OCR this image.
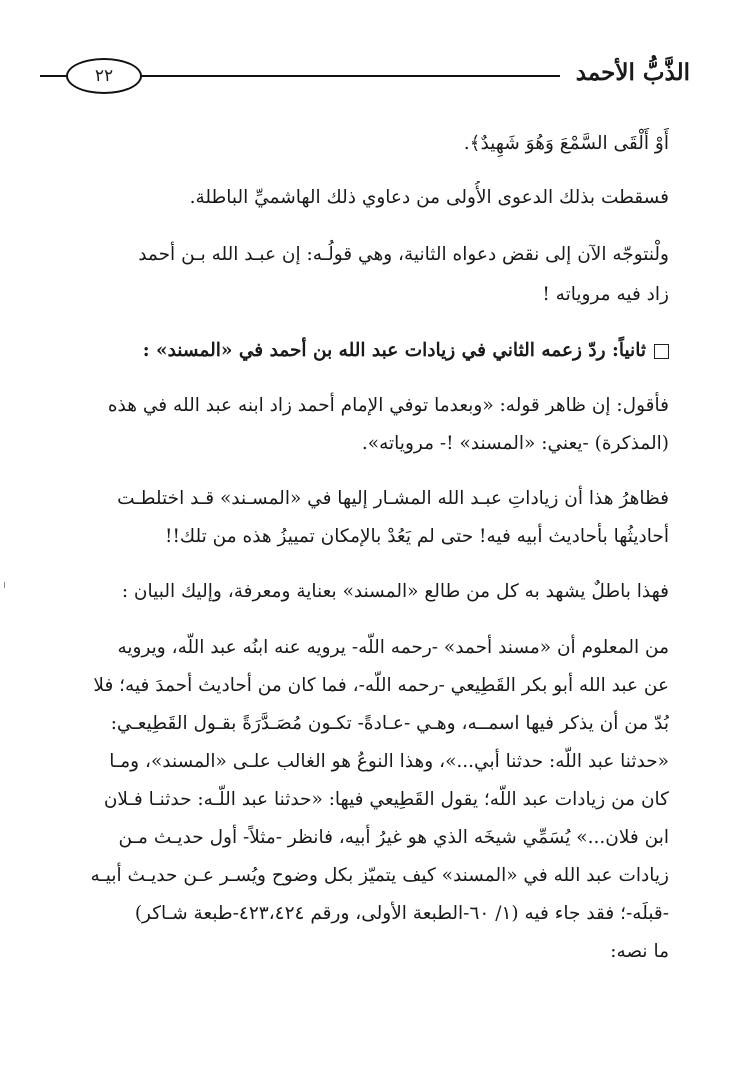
٢٢	الذَّبُّ الأحمد
أَوْ أَلْقَى السَّمْعَ وَهُوَ شَهِيدٌ﴾.
فسقطت بذلك الدعوى الأُولى من دعاوي ذلك الهاشميِّ الباطلة.
ولْنتوجّه الآن إلى نقض دعواه الثانية، وهي قولُـه: إن عبـد الله بـن أحمد
زاد فيه مروياته !
ثانياً: ردّ زعمه الثاني في زيادات عبد الله بن أحمد في «المسند» :
فأقول: إن ظاهر قوله: «وبعدما توفي الإمام أحمد زاد ابنه عبد الله في هذه
(المذكرة) -يعني: «المسند» !- مروياته».
فظاهرُ هذا أن زياداتِ عبـد الله المشـار إليها في «المسـند» قـد اختلطـت
أحاديثُها بأحاديث أبيه فيه! حتى لم يَعُدْ بالإمكان تمييزُ هذه من تلك!!
فهذا باطلٌ يشهد به كل من طالع «المسند» بعناية ومعرفة، وإليك البيان :
من المعلوم أن «مسند أحمد» -رحمه اللّه- يرويه عنه ابنُه عبد اللّه، ويرويه
عن عبد الله أبو بكر القَطِيعي -رحمه اللّه-، فما كان من أحاديث أحمدَ فيه؛ فلا
بُدّ من أن يذكر فيها اسمــه، وهـي -عـادةً- تكـون مُصَـدَّرَةً بقـول القَطِيعـي:
«حدثنا عبد اللّه: حدثنا أبي...»، وهذا النوعُ هو الغالب علـى «المسند»، ومـا
كان من زيادات عبد اللّه؛ يقول القَطِيعي فيها: «حدثنا عبد اللّـه: حدثنـا فـلان
ابن فلان...» يُسَمِّي شيخَه الذي هو غيرُ أبيه، فانظر -مثلاً- أول حديـث مـن
زيادات عبد الله في «المسند» كيف يتميّز بكل وضوح ويُسـر عـن حديـث أبيـه
-قبلَه-؛ فقد جاء فيه (١/ ٦٠-الطبعة الأولى، ورقم ٤٢٣،٤٢٤-طبعة شـاكر)
ما نصه:
